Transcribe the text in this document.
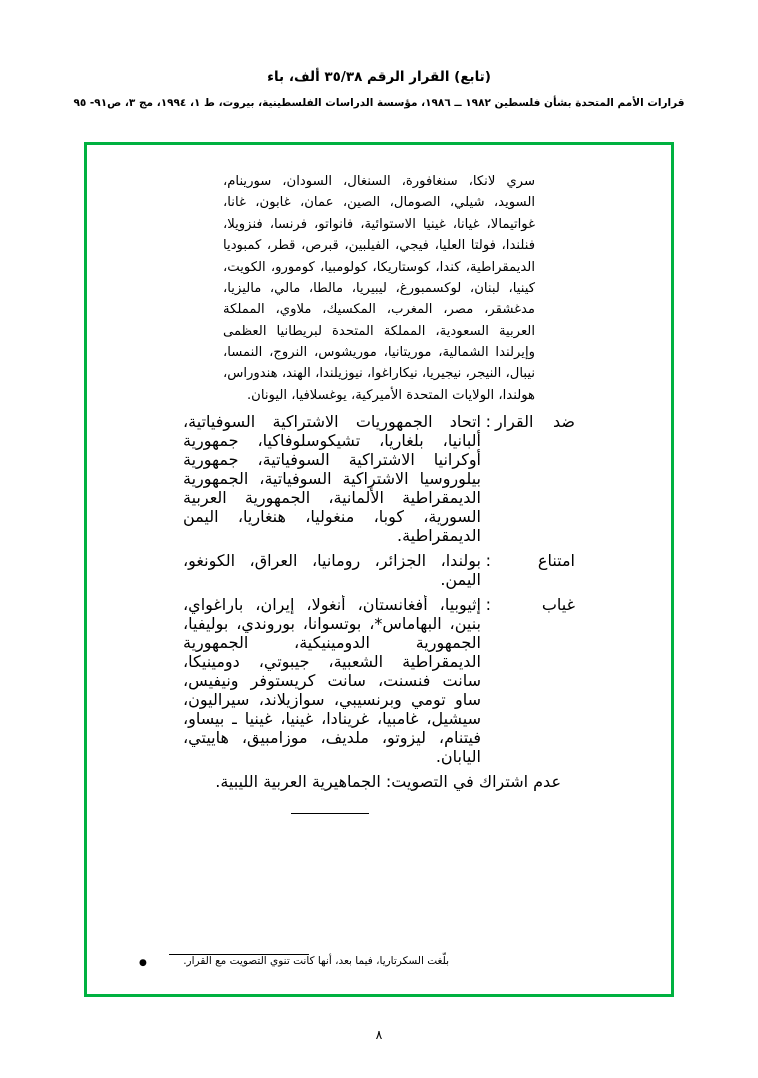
(تابع) القرار الرقم ٣٥/٣٨ ألف، باء
قرارات الأمم المتحدة بشأن فلسطين ١٩٨٢ ــ ١٩٨٦، مؤسسة الدراسات الفلسطينية، بيروت، ط ١، ١٩٩٤، مج ٣، ص٩١- ٩٥

سري لانكا، سنغافورة، السنغال، السودان، سورينام، السويد، شيلي، الصومال، الصين، عمان، غابون، غانا، غواتيمالا، غيانا، غينيا الاستوائية، فانواتو، فرنسا، فنزويلا، فنلندا، فولتا العليا، فيجي، الفيلبين، قبرص، قطر، كمبوديا الديمقراطية، كندا، كوستاريكا، كولومبيا، كومورو، الكويت، كينيا، لبنان، لوكسمبورغ، ليبيريا، مالطا، مالي، ماليزيا، مدغشقر، مصر، المغرب، المكسيك، ملاوي، المملكة العربية السعودية، المملكة المتحدة لبريطانيا العظمى وإيرلندا الشمالية، موريتانيا، موريشوس، النروج، النمسا، نيبال، النيجر، نيجيريا، نيكاراغوا، نيوزيلندا، الهند، هندوراس، هولندا، الولايات المتحدة الأميركية، يوغسلافيا، اليونان.

ضد القرار
:
اتحاد الجمهوريات الاشتراكية السوفياتية، ألبانيا، بلغاريا، تشيكوسلوفاكيا، جمهورية أوكرانيا الاشتراكية السوفياتية، جمهورية بيلوروسيا الاشتراكية السوفياتية، الجمهورية الديمقراطية الألمانية، الجمهورية العربية السورية، كوبا، منغوليا، هنغاريا، اليمن الديمقراطية.
امتناع
:
بولندا، الجزائر، رومانيا، العراق، الكونغو، اليمن.
غياب
:
إثيوبيا، أفغانستان، أنغولا، إيران، باراغواي، بنين، البهاماس*، بوتسوانا، بوروندي، بوليفيا، الجمهورية الدومينيكية، الجمهورية الديمقراطية الشعبية، جيبوتي، دومينيكا، سانت فنسنت، سانت كريستوفر ونيفيس، ساو تومي وبرنسيبي، سوازيلاند، سيراليون، سيشيل، غامبيا، غرينادا، غينيا، غينيا ـ بيساو، فيتنام، ليزوتو، ملديف، موزامبيق، هاييتي، اليابان.
عدم اشتراك في التصويت: الجماهيرية العربية الليبية.
●	بلّغت السكرتاريا، فيما بعد، أنها كانت تنوي التصويت مع القرار.
٨
